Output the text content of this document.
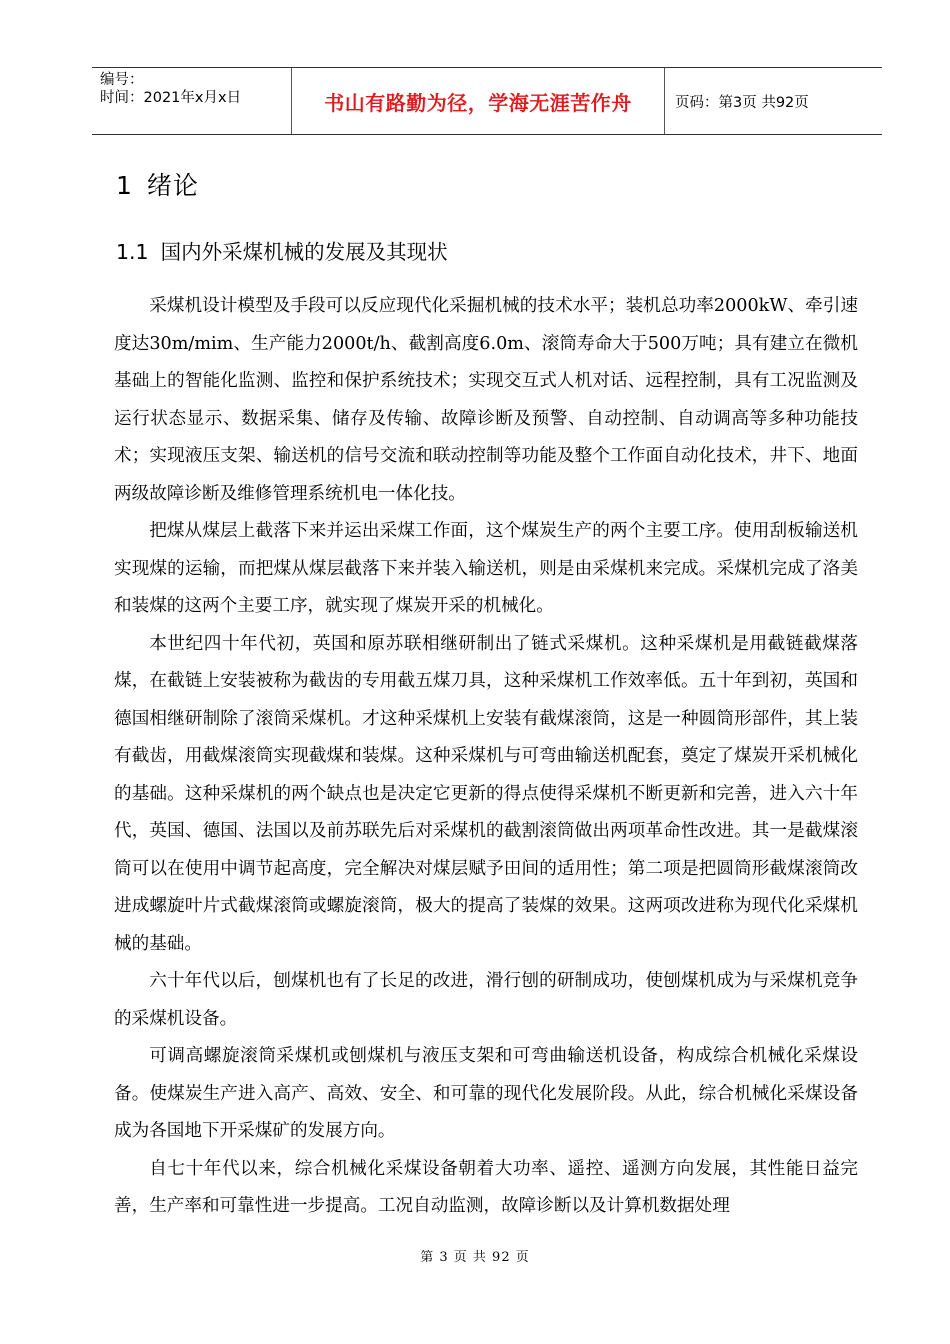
编号：
时间：2021年x月x日	书山有路勤为径，学海无涯苦作舟	页码：第3页 共92页
1 绪论
1.1 国内外采煤机械的发展及其现状

采煤机设计模型及手段可以反应现代化采掘机械的技术水平；装机总功率2000kW、牵引速度达30m/mim、生产能力2000t/h、截割高度6.0m、滚筒寿命大于500万吨；具有建立在微机基础上的智能化监测、监控和保护系统技术；实现交互式人机对话、远程控制，具有工况监测及运行状态显示、数据采集、储存及传输、故障诊断及预警、自动控制、自动调高等多种功能技术；实现液压支架、输送机的信号交流和联动控制等功能及整个工作面自动化技术，井下、地面两级故障诊断及维修管理系统机电一体化技。

把煤从煤层上截落下来并运出采煤工作面，这个煤炭生产的两个主要工序。使用刮板输送机实现煤的运输，而把煤从煤层截落下来并装入输送机，则是由采煤机来完成。采煤机完成了洛美和装煤的这两个主要工序，就实现了煤炭开采的机械化。

本世纪四十年代初，英国和原苏联相继研制出了链式采煤机。这种采煤机是用截链截煤落煤，在截链上安装被称为截齿的专用截五煤刀具，这种采煤机工作效率低。五十年到初，英国和德国相继研制除了滚筒采煤机。才这种采煤机上安装有截煤滚筒，这是一种圆筒形部件，其上装有截齿，用截煤滚筒实现截煤和装煤。这种采煤机与可弯曲输送机配套，奠定了煤炭开采机械化的基础。这种采煤机的两个缺点也是决定它更新的得点使得采煤机不断更新和完善，进入六十年代，英国、德国、法国以及前苏联先后对采煤机的截割滚筒做出两项革命性改进。其一是截煤滚筒可以在使用中调节起高度，完全解决对煤层赋予田间的适用性；第二项是把圆筒形截煤滚筒改进成螺旋叶片式截煤滚筒或螺旋滚筒，极大的提高了装煤的效果。这两项改进称为现代化采煤机械的基础。

六十年代以后，刨煤机也有了长足的改进，滑行刨的研制成功，使刨煤机成为与采煤机竞争的采煤机设备。

可调高螺旋滚筒采煤机或刨煤机与液压支架和可弯曲输送机设备，构成综合机械化采煤设备。使煤炭生产进入高产、高效、安全、和可靠的现代化发展阶段。从此，综合机械化采煤设备成为各国地下开采煤矿的发展方向。

自七十年代以来，综合机械化采煤设备朝着大功率、遥控、遥测方向发展，其性能日益完善，生产率和可靠性进一步提高。工况自动监测，故障诊断以及计算机数据处理

第 3 页 共 92 页
